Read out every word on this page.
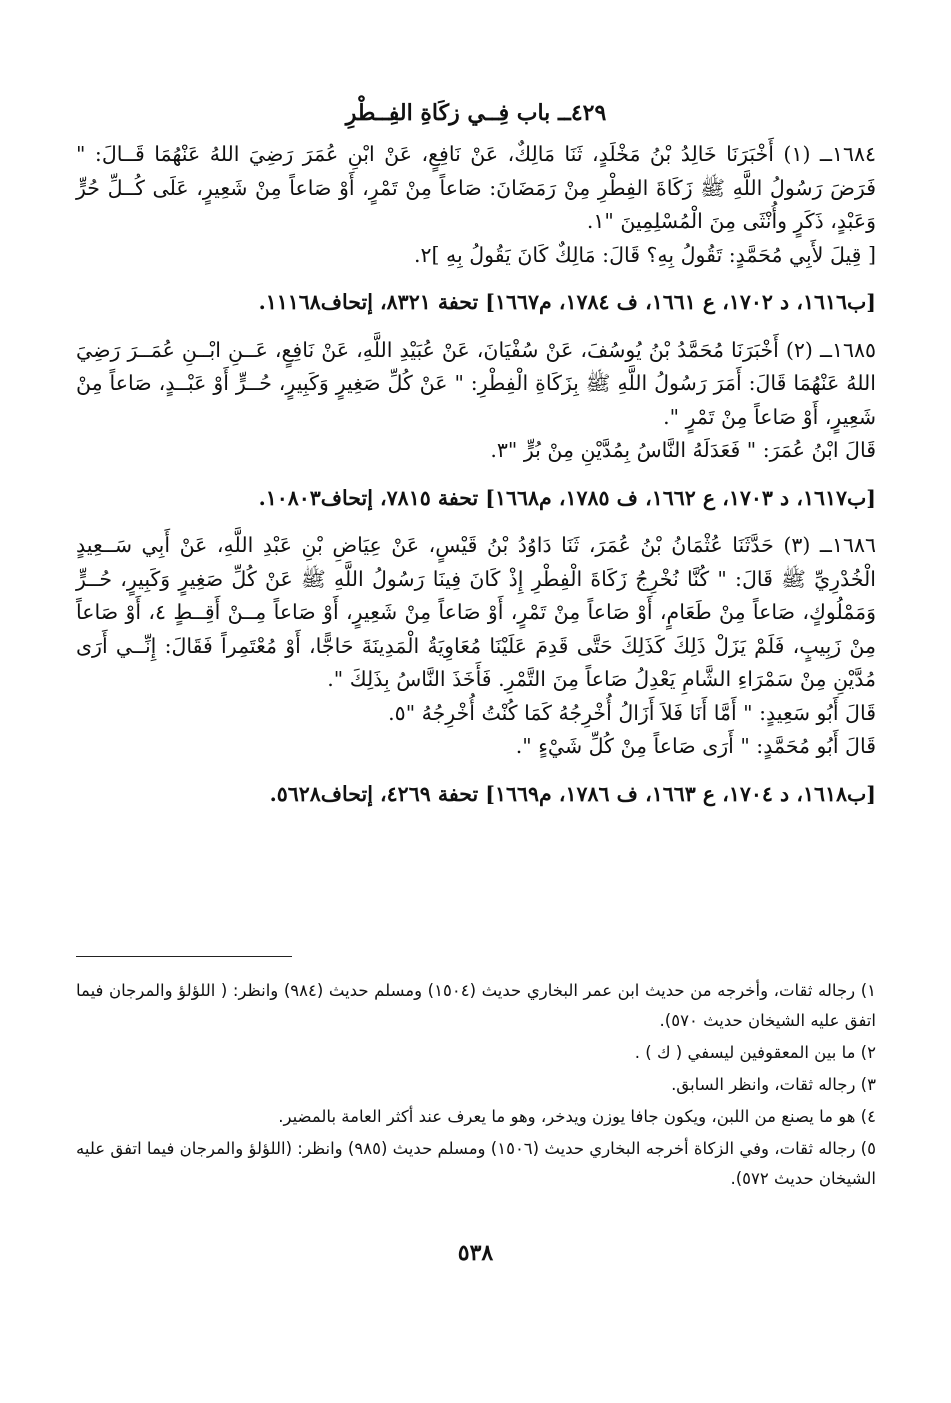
٤٢٩ــ باب فِــي زكَاةِ الفِــطْرِ

١٦٨٤ــ (١) أَخْبَرَنَا خَالِدُ بْنُ مَخْلَدٍ، ثَنَا مَالِكٌ، عَنْ نَافِعٍ، عَنْ ابْنِ عُمَرَ رَضِيَ اللهُ عَنْهُمَا قَــالَ: " فَرَضَ رَسُولُ اللَّهِ ﷺ زَكَاةَ الفِطْرِ مِنْ رَمَضَانَ: صَاعاً مِنْ تَمْرٍ، أَوْ صَاعاً مِنْ شَعِيرٍ، عَلَى كُــلِّ حُرٍّ وَعَبْدٍ، ذَكَرٍ وأُنْثَى مِنَ الْمُسْلِمِينَ "١.

[ قِيلَ لأَبِي مُحَمَّدٍ: تَقُولُ بِهِ؟ قَالَ: مَالِكٌ كَانَ يَقُولُ بِهِ ]٢.

[ب١٦١٦، د ١٧٠٢، ع ١٦٦١، ف ١٧٨٤، م١٦٦٧] تحفة ٨٣٢١، إتحاف١١١٦٨.

١٦٨٥ــ (٢) أَخْبَرَنَا مُحَمَّدُ بْنُ يُوسُفَ، عَنْ سُفْيَانَ، عَنْ عُبَيْدِ اللَّهِ، عَنْ نَافِعٍ، عَــنِ ابْــنِ عُمَــرَ رَضِيَ اللهُ عَنْهُمَا قَالَ: أَمَرَ رَسُولُ اللَّهِ ﷺ بِزَكَاةِ الْفِطْرِ: " عَنْ كُلِّ صَغِيرٍ وَكَبِيرٍ، حُــرٍّ أَوْ عَبْــدٍ، صَاعاً مِنْ شَعِيرٍ، أَوْ صَاعاً مِنْ تَمْرٍ ".

قَالَ ابْنُ عُمَرَ: " فَعَدَلَهُ النَّاسُ بِمُدَّيْنِ مِنْ بُرٍّ "٣.

[ب١٦١٧، د ١٧٠٣، ع ١٦٦٢، ف ١٧٨٥، م١٦٦٨] تحفة ٧٨١٥، إتحاف١٠٨٠٣.

١٦٨٦ــ (٣) حَدَّثَنَا عُثْمَانُ بْنُ عُمَرَ، ثَنَا دَاوُدُ بْنُ قَيْسٍ، عَنْ عِيَاضِ بْنِ عَبْدِ اللَّهِ، عَنْ أَبِي سَــعِيدٍ الْخُدْرِيِّ ﷺ قَالَ: " كُنَّا نُخْرِجُ زَكَاةَ الْفِطْرِ إِذْ كَانَ فِينَا رَسُولُ اللَّهِ ﷺ عَنْ كُلِّ صَغِيرٍ وَكَبِيرٍ، حُــرٍّ وَمَمْلُوكٍ، صَاعاً مِنْ طَعَامٍ، أَوْ صَاعاً مِنْ تَمْرٍ، أَوْ صَاعاً مِنْ شَعِيرٍ، أَوْ صَاعاً مِــنْ أَقِــطٍ ٤، أَوْ صَاعاً مِنْ زَبِيبٍ، فَلَمْ يَزَلْ ذَلِكَ كَذَلِكَ حَتَّى قَدِمَ عَلَيْنَا مُعَاوِيَةُ الْمَدِينَةَ حَاجًّا، أَوْ مُعْتَمِراً فَقَالَ: إِنِّــي أَرَى مُدَّيْنِ مِنْ سَمْرَاءِ الشَّامِ يَعْدِلُ صَاعاً مِنَ التَّمْرِ. فَأَخَذَ النَّاسُ بِذَلِكَ ".

قَالَ أَبُو سَعِيدٍ: " أَمَّا أَنَا فَلاَ أَزَالُ أُخْرِجُهُ كَمَا كُنْتُ أُخْرِجُهُ "٥.

قَالَ أَبُو مُحَمَّدٍ: " أَرَى صَاعاً مِنْ كُلِّ شَيْءٍ ".

[ب١٦١٨، د ١٧٠٤، ع ١٦٦٣، ف ١٧٨٦، م١٦٦٩] تحفة ٤٢٦٩، إتحاف٥٦٢٨.

١) رجاله ثقات، وأخرجه من حديث ابن عمر البخاري حديث (١٥٠٤) ومسلم حديث (٩٨٤) وانظر: ( اللؤلؤ والمرجان فيما اتفق عليه الشيخان حديث ٥٧٠).

٢) ما بين المعقوفين ليسفي ( ك ) .

٣) رجاله ثقات، وانظر السابق.

٤) هو ما يصنع من اللبن، ويكون جافا يوزن ويدخر، وهو ما يعرف عند أكثر العامة بالمضير.

٥) رجاله ثقات، وفي الزكاة أخرجه البخاري حديث (١٥٠٦) ومسلم حديث (٩٨٥) وانظر: (اللؤلؤ والمرجان فيما اتفق عليه الشيخان حديث ٥٧٢).

٥٣٨
